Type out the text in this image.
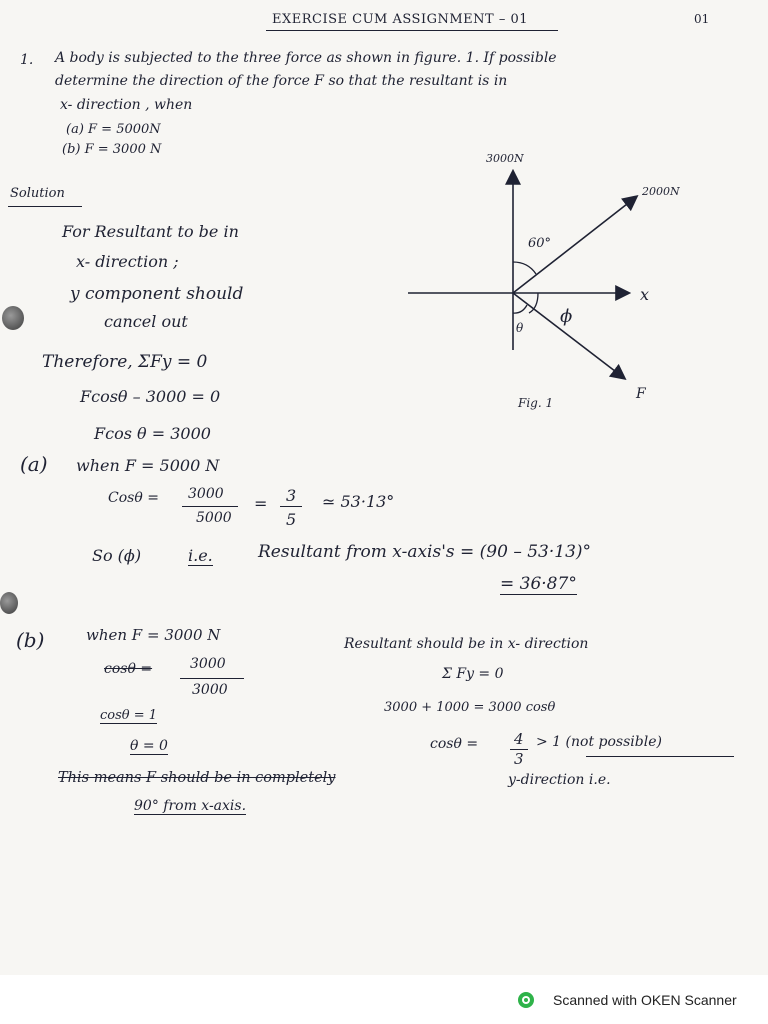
EXERCISE CUM ASSIGNMENT – 01	01
1. A body is subjected to the three force as shown in figure. 1. If possible
determine the direction of the force F so that the resultant is in
x- direction , when
(a) F = 5000N
(b) F = 3000 N
3000N
2000N
60°
x
ϕ
θ
F
Fig. 1
Solution
For Resultant to be in
x- direction ;
y component should
cancel out
Therefore, ΣFy = 0
Fcosθ – 3000 = 0
Fcos θ = 3000
(a) when F = 5000 N
Cosθ = 3000
5000
= 3
5
≃ 53·13°
So (ϕ)	i.e.	Resultant from x-axis's = (90 – 53·13)°
= 36·87°
(b)	when F = 3000 N
cosθ =	3000
3000
cosθ = 1
θ = 0
Resultant should be in x- direction
Σ Fy = 0
3000 + 1000 = 3000 cosθ
cosθ = 4
3
> 1 (not possible)
This means F should be in completely	y-direction i.e.
90° from x-axis.
Scanned with OKEN Scanner
